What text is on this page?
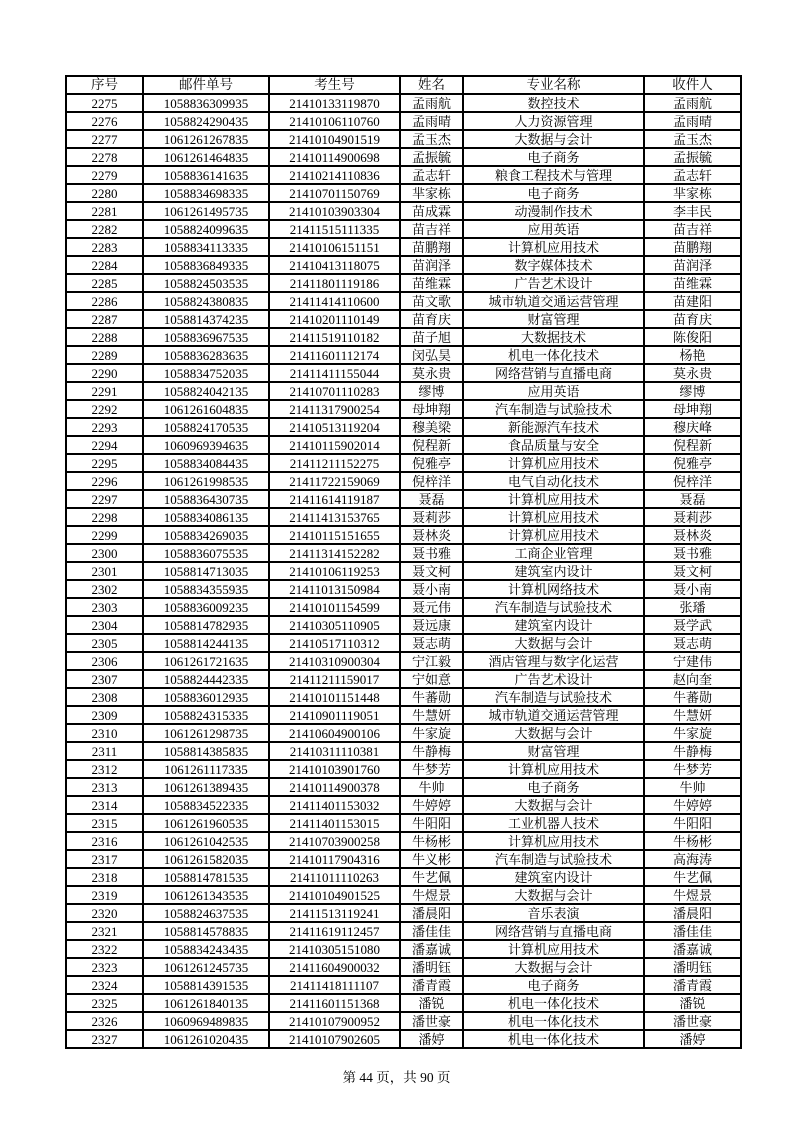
序号	邮件单号	考生号	姓名	专业名称	收件人
2275	1058836309935	21410133119870	孟雨航	数控技术	孟雨航
2276	1058824290435	21410106110760	孟雨晴	人力资源管理	孟雨晴
2277	1061261267835	21410104901519	孟玉杰	大数据与会计	孟玉杰
2278	1061261464835	21410114900698	孟振毓	电子商务	孟振毓
2279	1058836141635	21410214110836	孟志轩	粮食工程技术与管理	孟志轩
2280	1058834698335	21410701150769	芈家栋	电子商务	芈家栋
2281	1061261495735	21410103903304	苗成霖	动漫制作技术	李丰民
2282	1058824099635	21411515111335	苗吉祥	应用英语	苗吉祥
2283	1058834113335	21410106151151	苗鹏翔	计算机应用技术	苗鹏翔
2284	1058836849335	21410413118075	苗润泽	数字媒体技术	苗润泽
2285	1058824503535	21411801119186	苗维霖	广告艺术设计	苗维霖
2286	1058824380835	21411414110600	苗文歌	城市轨道交通运营管理	苗建阳
2287	1058814374235	21410201110149	苗育庆	财富管理	苗育庆
2288	1058836967535	21411519110182	苗子旭	大数据技术	陈俊阳
2289	1058836283635	21411601112174	闵弘昊	机电一体化技术	杨艳
2290	1058834752035	21411411155044	莫永贵	网络营销与直播电商	莫永贵
2291	1058824042135	21410701110283	缪博	应用英语	缪博
2292	1061261604835	21411317900254	母坤翔	汽车制造与试验技术	母坤翔
2293	1058824170535	21410513119204	穆美梁	新能源汽车技术	穆庆峰
2294	1060969394635	21410115902014	倪程新	食品质量与安全	倪程新
2295	1058834084435	21411211152275	倪雅亭	计算机应用技术	倪雅亭
2296	1061261998535	21411722159069	倪梓洋	电气自动化技术	倪梓洋
2297	1058836430735	21411614119187	聂磊	计算机应用技术	聂磊
2298	1058834086135	21411413153765	聂莉莎	计算机应用技术	聂莉莎
2299	1058834269035	21410115151655	聂林炎	计算机应用技术	聂林炎
2300	1058836075535	21411314152282	聂书雅	工商企业管理	聂书雅
2301	1058814713035	21410106119253	聂文柯	建筑室内设计	聂文柯
2302	1058834355935	21411013150984	聂小南	计算机网络技术	聂小南
2303	1058836009235	21410101154599	聂元伟	汽车制造与试验技术	张璠
2304	1058814782935	21410305110905	聂远康	建筑室内设计	聂学武
2305	1058814244135	21410517110312	聂志萌	大数据与会计	聂志萌
2306	1061261721635	21410310900304	宁江毅	酒店管理与数字化运营	宁建伟
2307	1058824442335	21411211159017	宁如意	广告艺术设计	赵向奎
2308	1058836012935	21410101151448	牛蕃勋	汽车制造与试验技术	牛蕃勋
2309	1058824315335	21410901119051	牛慧妍	城市轨道交通运营管理	牛慧妍
2310	1061261298735	21410604900106	牛家旋	大数据与会计	牛家旋
2311	1058814385835	21410311110381	牛静梅	财富管理	牛静梅
2312	1061261117335	21410103901760	牛梦芳	计算机应用技术	牛梦芳
2313	1061261389435	21410114900378	牛帅	电子商务	牛帅
2314	1058834522335	21411401153032	牛婷婷	大数据与会计	牛婷婷
2315	1061261960535	21411401153015	牛阳阳	工业机器人技术	牛阳阳
2316	1061261042535	21410703900258	牛杨彬	计算机应用技术	牛杨彬
2317	1061261582035	21410117904316	牛义彬	汽车制造与试验技术	高海涛
2318	1058814781535	21411011110263	牛艺佩	建筑室内设计	牛艺佩
2319	1061261343535	21410104901525	牛煜景	大数据与会计	牛煜景
2320	1058824637535	21411513119241	潘晨阳	音乐表演	潘晨阳
2321	1058814578835	21411619112457	潘佳佳	网络营销与直播电商	潘佳佳
2322	1058834243435	21410305151080	潘嘉诚	计算机应用技术	潘嘉诚
2323	1061261245735	21411604900032	潘明钰	大数据与会计	潘明钰
2324	1058814391535	21411418111107	潘青霞	电子商务	潘青霞
2325	1061261840135	21411601151368	潘锐	机电一体化技术	潘锐
2326	1060969489835	21410107900952	潘世豪	机电一体化技术	潘世豪
2327	1061261020435	21410107902605	潘婷	机电一体化技术	潘婷
第 44 页，共 90 页
